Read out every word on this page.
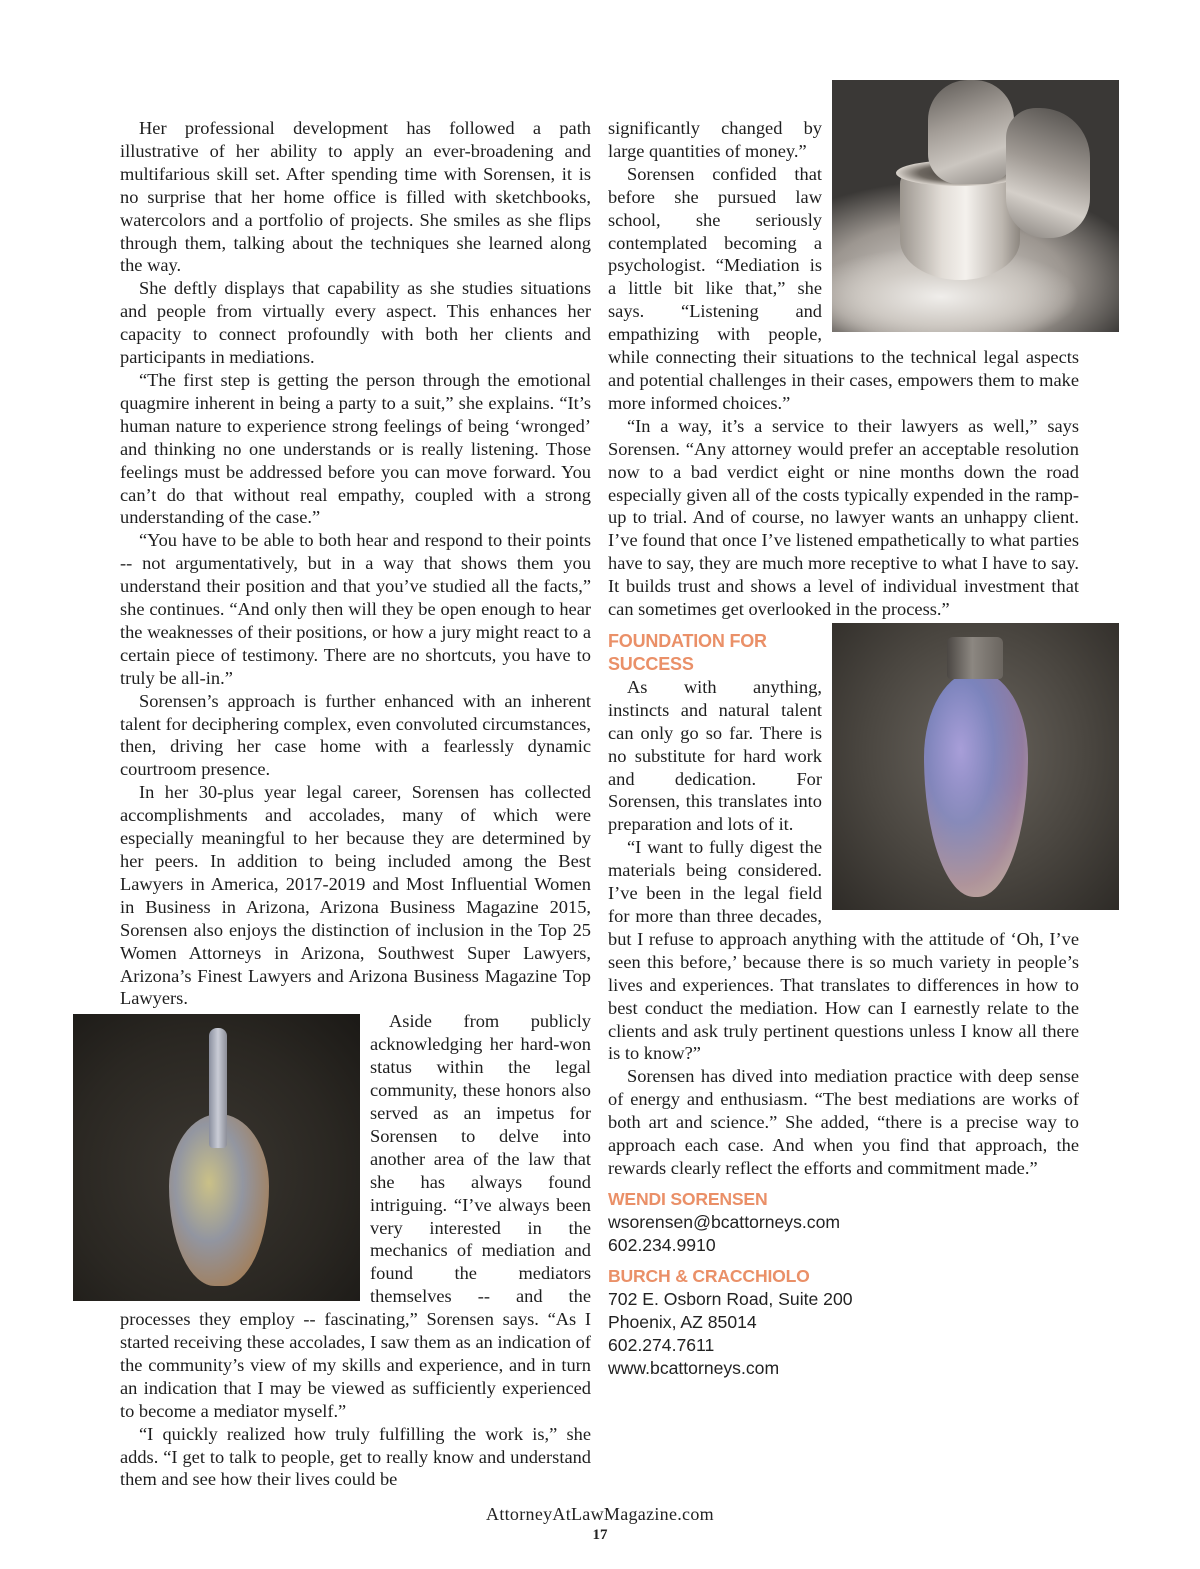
Her professional development has followed a path illustrative of her ability to apply an ever-broadening and multifarious skill set. After spending time with Sorensen, it is no surprise that her home office is filled with sketchbooks, watercolors and a portfolio of projects. She smiles as she flips through them, talking about the techniques she learned along the way.

She deftly displays that capability as she studies situations and people from virtually every aspect. This enhances her capacity to connect profoundly with both her clients and participants in mediations.

“The first step is getting the person through the emotional quagmire inherent in being a party to a suit,” she explains. “It’s human nature to experience strong feelings of being ‘wronged’ and thinking no one understands or is really listening. Those feelings must be addressed before you can move forward. You can’t do that without real empathy, coupled with a strong understanding of the case.”

“You have to be able to both hear and respond to their points -- not argumentatively, but in a way that shows them you understand their position and that you’ve studied all the facts,” she continues. “And only then will they be open enough to hear the weaknesses of their positions, or how a jury might react to a certain piece of testimony. There are no shortcuts, you have to truly be all-in.”

Sorensen’s approach is further enhanced with an inherent talent for deciphering complex, even convoluted circumstances, then, driving her case home with a fearlessly dynamic courtroom presence.

In her 30-plus year legal career, Sorensen has collected accomplishments and accolades, many of which were especially meaningful to her because they are determined by her peers. In addition to being included among the Best Lawyers in America, 2017-2019 and Most Influential Women in Business in Arizona, Arizona Business Magazine 2015, Sorensen also enjoys the distinction of inclusion in the Top 25 Women Attorneys in Arizona, Southwest Super Lawyers, Arizona’s Finest Lawyers and Arizona Business Magazine Top Lawyers.

Aside from publicly acknowledging her hard-won status within the legal community, these honors also served as an impetus for Sorensen to delve into another area of the law that she has always found intriguing. “I’ve always been very interested in the mechanics of mediation and found the mediators themselves -- and the processes they employ -- fascinating,” Sorensen says. “As I started receiving these accolades, I saw them as an indication of the community’s view of my skills and experience, and in turn an indication that I may be viewed as sufficiently experienced to become a mediator myself.”

“I quickly realized how truly fulfilling the work is,” she adds. “I get to talk to people, get to really know and understand them and see how their lives could be

significantly changed by large quantities of money.”

Sorensen confided that before she pursued law school, she seriously contemplated becoming a psychologist. “Mediation is a little bit like that,” she says. “Listening and empathizing with people, while connecting their situations to the technical legal aspects and potential challenges in their cases, empowers them to make more informed choices.”

“In a way, it’s a service to their lawyers as well,” says Sorensen. “Any attorney would prefer an acceptable resolution now to a bad verdict eight or nine months down the road especially given all of the costs typically expended in the ramp-up to trial. And of course, no lawyer wants an unhappy client. I’ve found that once I’ve listened empathetically to what parties have to say, they are much more receptive to what I have to say. It builds trust and shows a level of individual investment that can sometimes get overlooked in the process.”

FOUNDATION FOR SUCCESS

As with anything, instincts and natural talent can only go so far. There is no substitute for hard work and dedication. For Sorensen, this translates into preparation and lots of it.

“I want to fully digest the materials being considered. I’ve been in the legal field for more than three decades, but I refuse to approach anything with the attitude of ‘Oh, I’ve seen this before,’ because there is so much variety in people’s lives and experiences. That translates to differences in how to best conduct the mediation. How can I earnestly relate to the clients and ask truly pertinent questions unless I know all there is to know?”

Sorensen has dived into mediation practice with deep sense of energy and enthusiasm. “The best mediations are works of both art and science.” She added, “there is a precise way to approach each case. And when you find that approach, the rewards clearly reflect the efforts and commitment made.”

WENDI SORENSEN
wsorensen@bcattorneys.com
602.234.9910
BURCH & CRACCHIOLO
702 E. Osborn Road, Suite 200
Phoenix, AZ 85014
602.274.7611
www.bcattorneys.com
AttorneyAtLawMagazine.com
17
